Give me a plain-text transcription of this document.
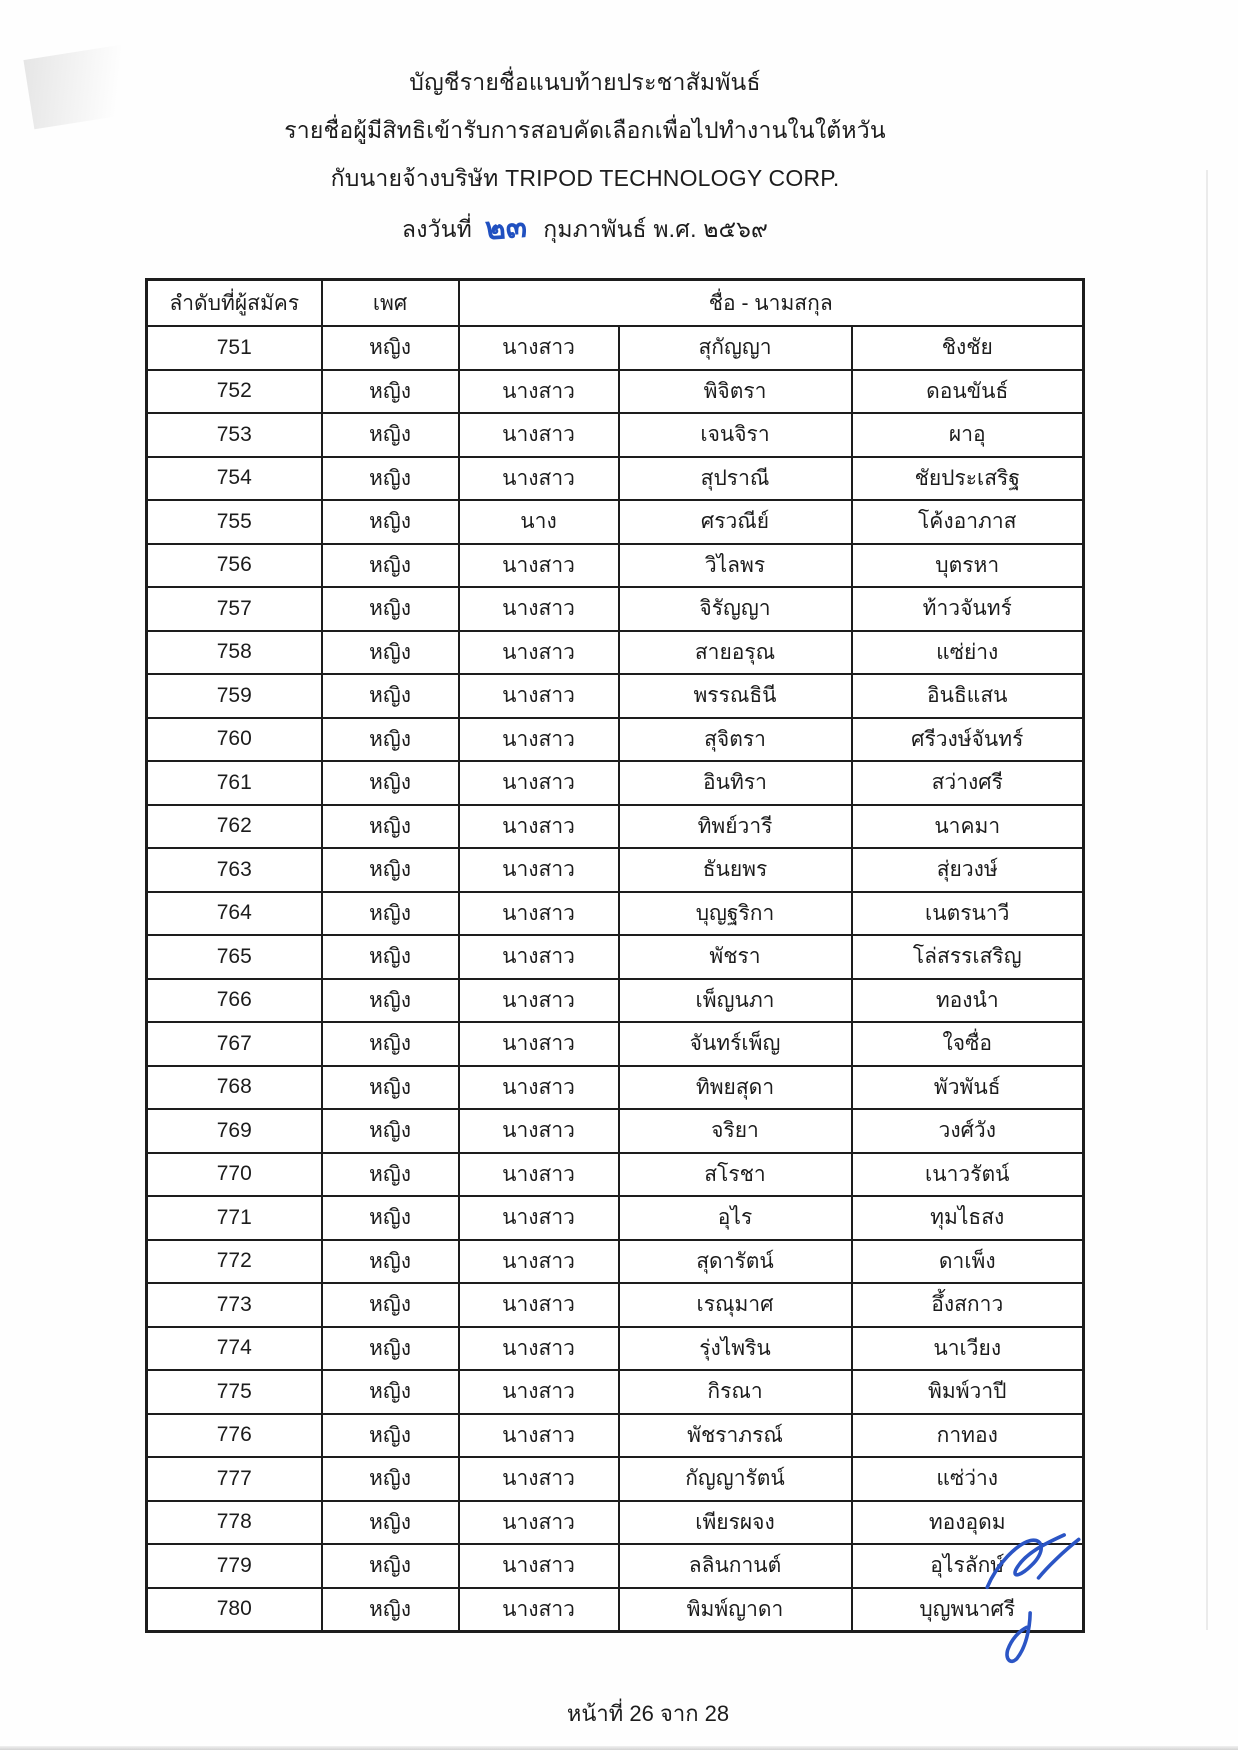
บัญชีรายชื่อแนบท้ายประชาสัมพันธ์
รายชื่อผู้มีสิทธิเข้ารับการสอบคัดเลือกเพื่อไปทำงานในใต้หวัน
กับนายจ้างบริษัท TRIPOD TECHNOLOGY CORP.
ลงวันที่ ๒๓ กุมภาพันธ์ พ.ศ. ๒๕๖๙
ลำดับที่ผู้สมัคร	เพศ	ชื่อ - นามสกุล		
751	หญิง	นางสาว	สุกัญญา	ชิงชัย
752	หญิง	นางสาว	พิจิตรา	ดอนขันธ์
753	หญิง	นางสาว	เจนจิรา	ผาอุ
754	หญิง	นางสาว	สุปราณี	ชัยประเสริฐ
755	หญิง	นาง	ศรวณีย์	โค้งอาภาส
756	หญิง	นางสาว	วิไลพร	บุตรหา
757	หญิง	นางสาว	จิรัญญา	ท้าวจันทร์
758	หญิง	นางสาว	สายอรุณ	แซ่ย่าง
759	หญิง	นางสาว	พรรณธินี	อินธิแสน
760	หญิง	นางสาว	สุจิตรา	ศรีวงษ์จันทร์
761	หญิง	นางสาว	อินทิรา	สว่างศรี
762	หญิง	นางสาว	ทิพย์วารี	นาคมา
763	หญิง	นางสาว	ธันยพร	สุ่ยวงษ์
764	หญิง	นางสาว	บุญฐริกา	เนตรนาวี
765	หญิง	นางสาว	พัชรา	โล่สรรเสริญ
766	หญิง	นางสาว	เพ็ญนภา	ทองนำ
767	หญิง	นางสาว	จันทร์เพ็ญ	ใจซื่อ
768	หญิง	นางสาว	ทิพยสุดา	พัวพันธ์
769	หญิง	นางสาว	จริยา	วงศ์วัง
770	หญิง	นางสาว	สโรชา	เนาวรัตน์
771	หญิง	นางสาว	อุไร	ทุมไธสง
772	หญิง	นางสาว	สุดารัตน์	ดาเพ็ง
773	หญิง	นางสาว	เรณุมาศ	อึ้งสกาว
774	หญิง	นางสาว	รุ่งไพริน	นาเวียง
775	หญิง	นางสาว	กิรณา	พิมพ์วาปี
776	หญิง	นางสาว	พัชราภรณ์	กาทอง
777	หญิง	นางสาว	กัญญารัตน์	แซ่ว่าง
778	หญิง	นางสาว	เพียรผจง	ทองอุดม
779	หญิง	นางสาว	ลลินกานต์	อุไรลักษ์
780	หญิง	นางสาว	พิมพ์ญาดา	บุญพนาศรี
หน้าที่ 26 จาก 28
